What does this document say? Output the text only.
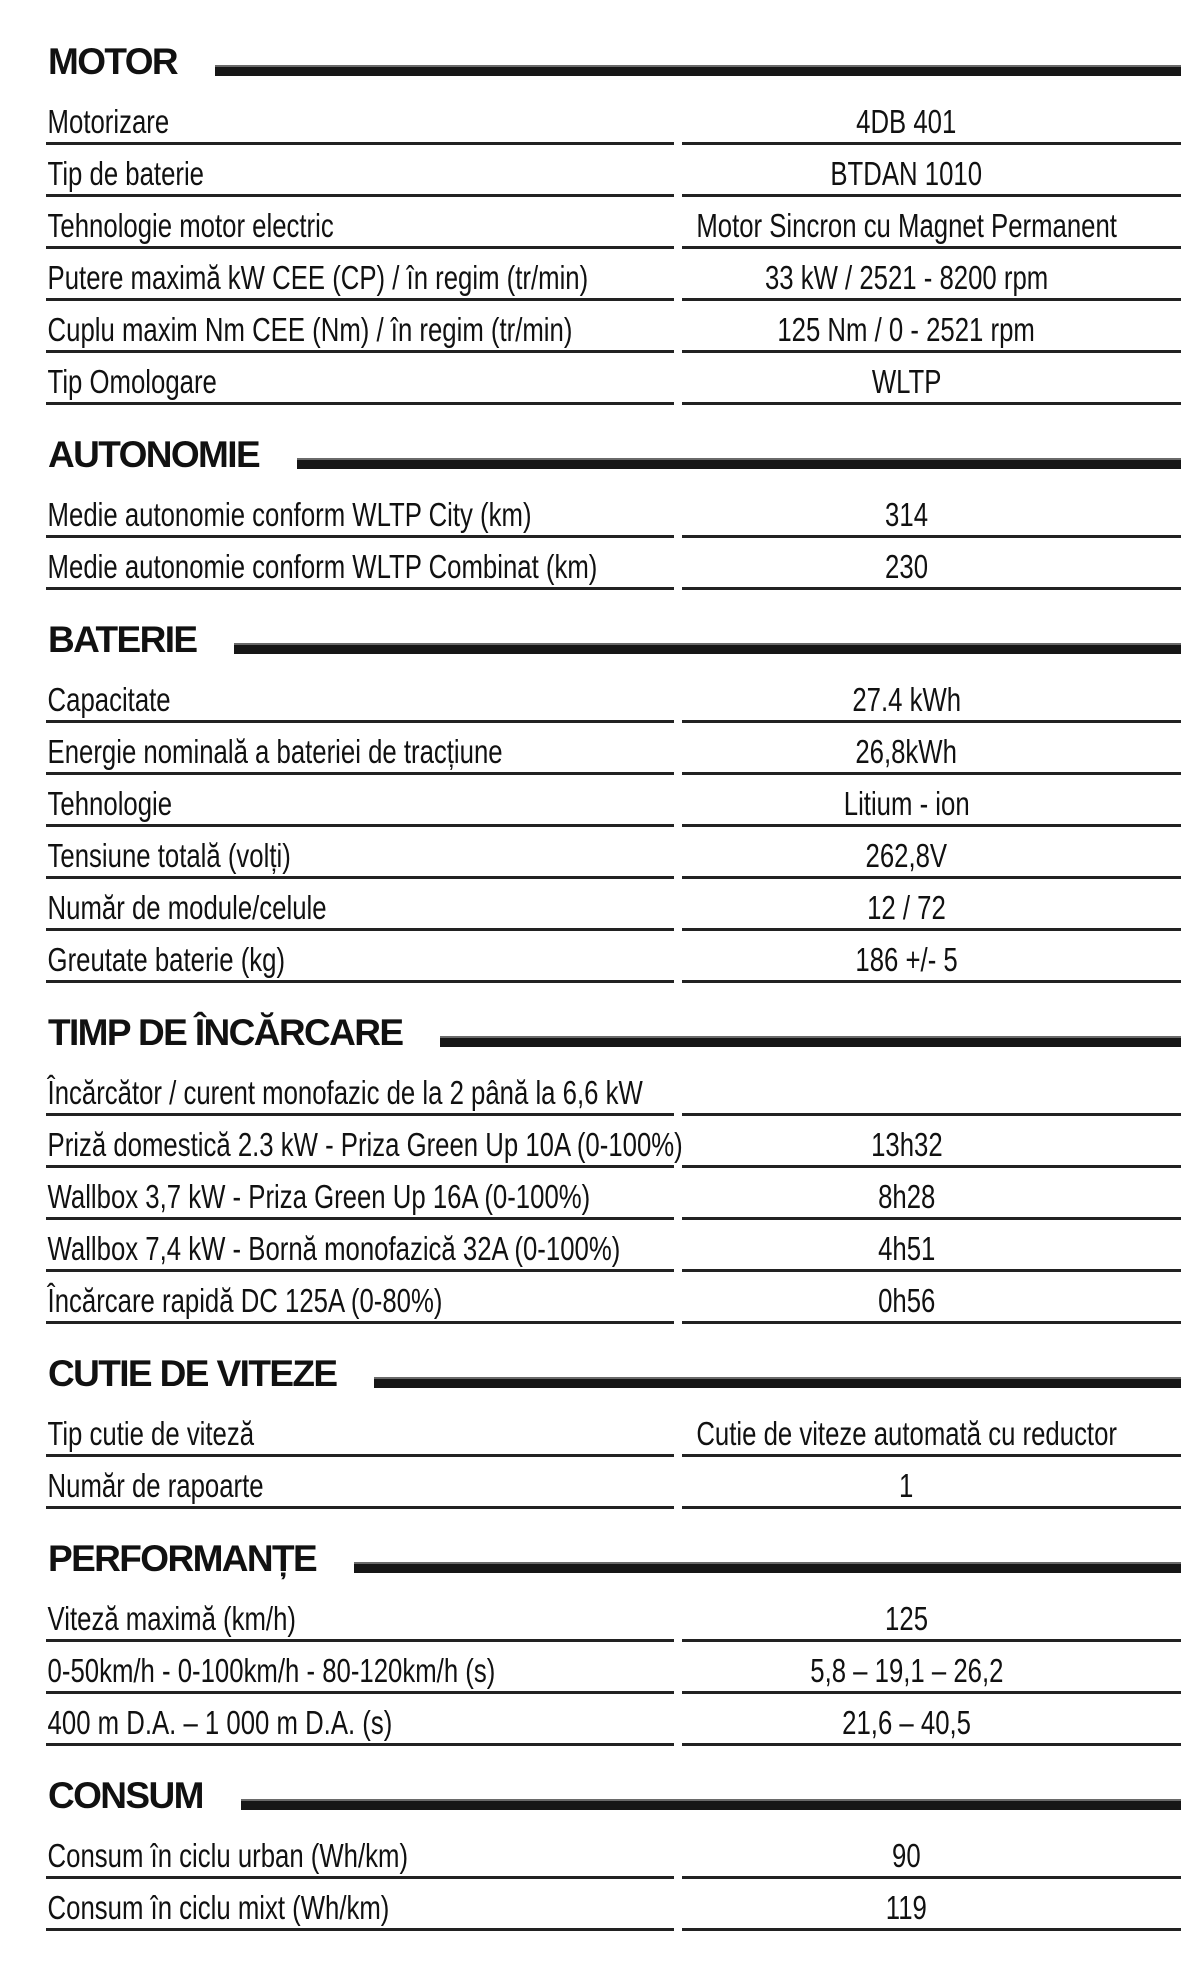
MOTOR
Motorizare	4DB 401
Tip de baterie	BTDAN 1010
Tehnologie motor electric	Motor Sincron cu Magnet Permanent
Putere maximă kW CEE (CP) / în regim (tr/min)	33 kW / 2521 - 8200 rpm
Cuplu maxim Nm CEE (Nm) / în regim (tr/min)	125 Nm / 0 - 2521 rpm
Tip Omologare	WLTP
AUTONOMIE
Medie autonomie conform WLTP City (km)	314
Medie autonomie conform WLTP Combinat (km)	230
BATERIE
Capacitate	27.4 kWh
Energie nominală a bateriei de tracțiune	26,8kWh
Tehnologie	Litium - ion
Tensiune totală (volți)	262,8V
Număr de module/celule	12 / 72
Greutate baterie (kg)	186 +/- 5
TIMP DE ÎNCĂRCARE
Încărcător / curent monofazic de la 2 până la 6,6 kW
Priză domestică 2.3 kW - Priza Green Up 10A (0-100%)	13h32
Wallbox 3,7 kW - Priza Green Up 16A (0-100%)	8h28
Wallbox 7,4 kW - Bornă monofazică 32A (0-100%)	4h51
Încărcare rapidă DC 125A (0-80%)	0h56
CUTIE DE VITEZE
Tip cutie de viteză	Cutie de viteze automată cu reductor
Număr de rapoarte	1
PERFORMANȚE
Viteză maximă (km/h)	125
0-50km/h - 0-100km/h - 80-120km/h (s)	5,8 – 19,1 – 26,2
400 m D.A. – 1 000 m D.A. (s)	21,6 – 40,5
CONSUM
Consum în ciclu urban (Wh/km)	90
Consum în ciclu mixt (Wh/km)	119
